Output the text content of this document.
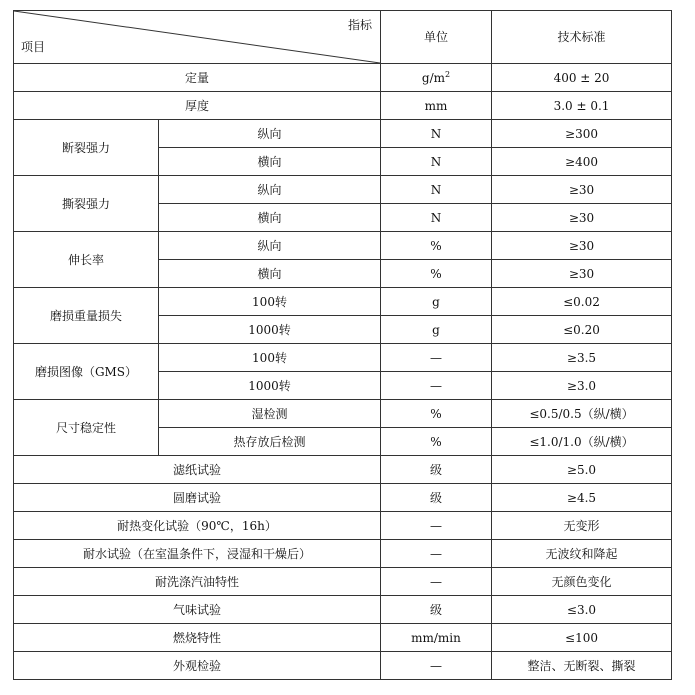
指标
项目		单位	技术标准
定量		$g/m^2$	400 ± 20
厚度		mm	3.0 ± 0.1
断裂强力	纵向	N	≥300
	横向	N	≥400
撕裂强力	纵向	N	≥30
	横向	N	≥30
伸长率	纵向	%	≥30
	横向	%	≥30
磨损重量损失	100转	g	≤0.02
	1000转	g	≤0.20
磨损图像（GMS）	100转	—	≥3.5
	1000转	—	≥3.0
尺寸稳定性	湿检测	%	≤0.5/0.5（纵/横）
	热存放后检测	%	≤1.0/1.0（纵/横）
滤纸试验		级	≥5.0
圆磨试验		级	≥4.5
耐热变化试验（90℃，16h）		—	无变形
耐水试验（在室温条件下，浸湿和干燥后）		—	无波纹和降起
耐洗涤汽油特性		—	无颜色变化
气味试验		级	≤3.0
燃烧特性		mm/min	≤100
外观检验		—	整洁、无断裂、撕裂
